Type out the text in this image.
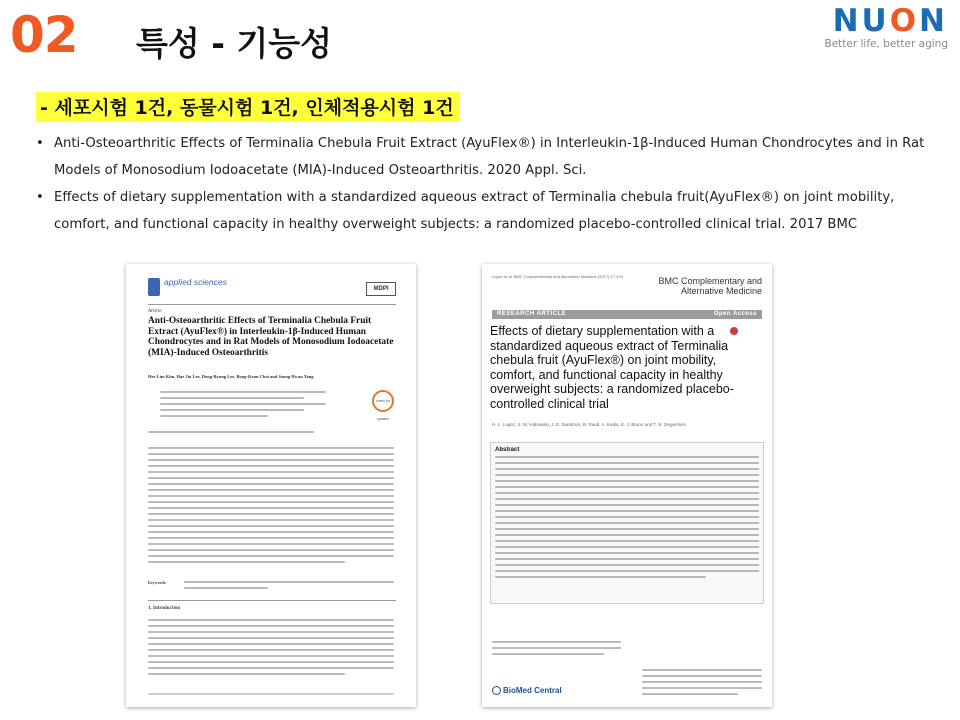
02 특성 - 기능성
NUON
Better life, better aging
- 세포시험 1건, 동물시험 1건, 인체적용시험 1건
• Anti-Osteoarthritic Effects of Terminalia Chebula Fruit Extract (AyuFlex®) in Interleukin-1β-Induced Human Chondrocytes and in Rat Models of Monosodium Iodoacetate (MIA)-Induced Osteoarthritis. 2020 Appl. Sci.
• Effects of dietary supplementation with a standardized aqueous extract of Terminalia chebula fruit(AyuFlex®) on joint mobility, comfort, and functional capacity in healthy overweight subjects: a randomized placebo-controlled clinical trial. 2017 BMC
applied sciences
MDPI
Article
Anti-Osteoarthritic Effects of Terminalia Chebula Fruit Extract (AyuFlex®) in Interleukin-1β-Induced Human Chondrocytes and in Rat Models of Monosodium Iodoacetate (MIA)-Induced Osteoarthritis
Hee Lim Kim, Hae Jin Lee, Dong-Ryung Lee, Bong-Keun Choi and Seung Hwan Yang
check for updates
Keywords:
1. Introduction
Lopez et al. BMC Complementary and Alternative Medicine (2017) 17:475	BMC Complementary and Alternative Medicine
RESEARCH ARTICLE	Open Access
Effects of dietary supplementation with a standardized aqueous extract of Terminalia chebula fruit (AyuFlex®) on joint mobility, comfort, and functional capacity in healthy overweight subjects: a randomized placebo-controlled clinical trial
H. L. Lopez, S. M. Habowski, J. E. Sandrock, B. Raub, A. Kedia, E. J. Bruno and T. N. Ziegenfuss
Abstract
BioMed Central
